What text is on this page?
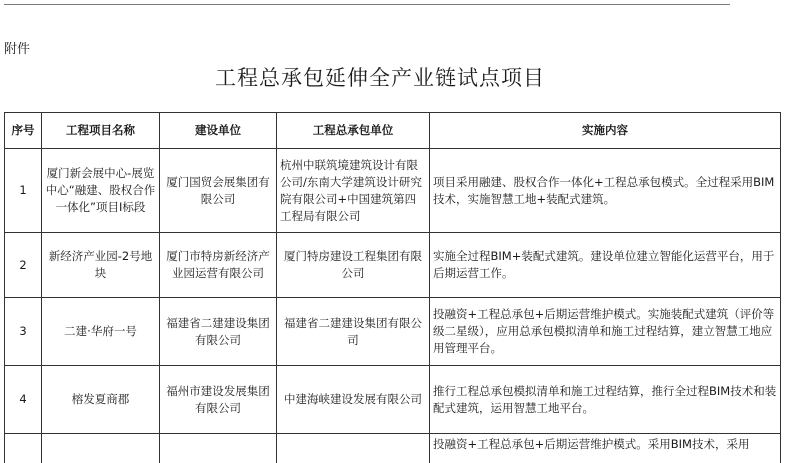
附件
工程总承包延伸全产业链试点项目
序号	工程项目名称	建设单位	工程总承包单位	实施内容
1	厦门新会展中心-展览中心“融建、股权合作一体化”项目I标段	厦门国贸会展集团有限公司	杭州中联筑境建筑设计有限公司/东南大学建筑设计研究院有限公司+中国建筑第四工程局有限公司	项目采用融建、股权合作一体化+工程总承包模式。全过程采用BIM技术，实施智慧工地+装配式建筑。
2	新经济产业园-2号地块	厦门市特房新经济产业园运营有限公司	厦门特房建设工程集团有限公司	实施全过程BIM+装配式建筑。建设单位建立智能化运营平台，用于后期运营工作。
3	二建·华府一号	福建省二建建设集团有限公司	福建省二建建设集团有限公司	投融资+工程总承包+后期运营维护模式。实施装配式建筑（评价等级二星级），应用总承包模拟清单和施工过程结算，建立智慧工地应用管理平台。
4	榕发夏商郡	福州市建设发展集团有限公司	中建海峡建设发展有限公司	推行工程总承包模拟清单和施工过程结算，推行全过程BIM技术和装配式建筑，运用智慧工地平台。
				投融资+工程总承包+后期运营维护模式。采用BIM技术，采用
